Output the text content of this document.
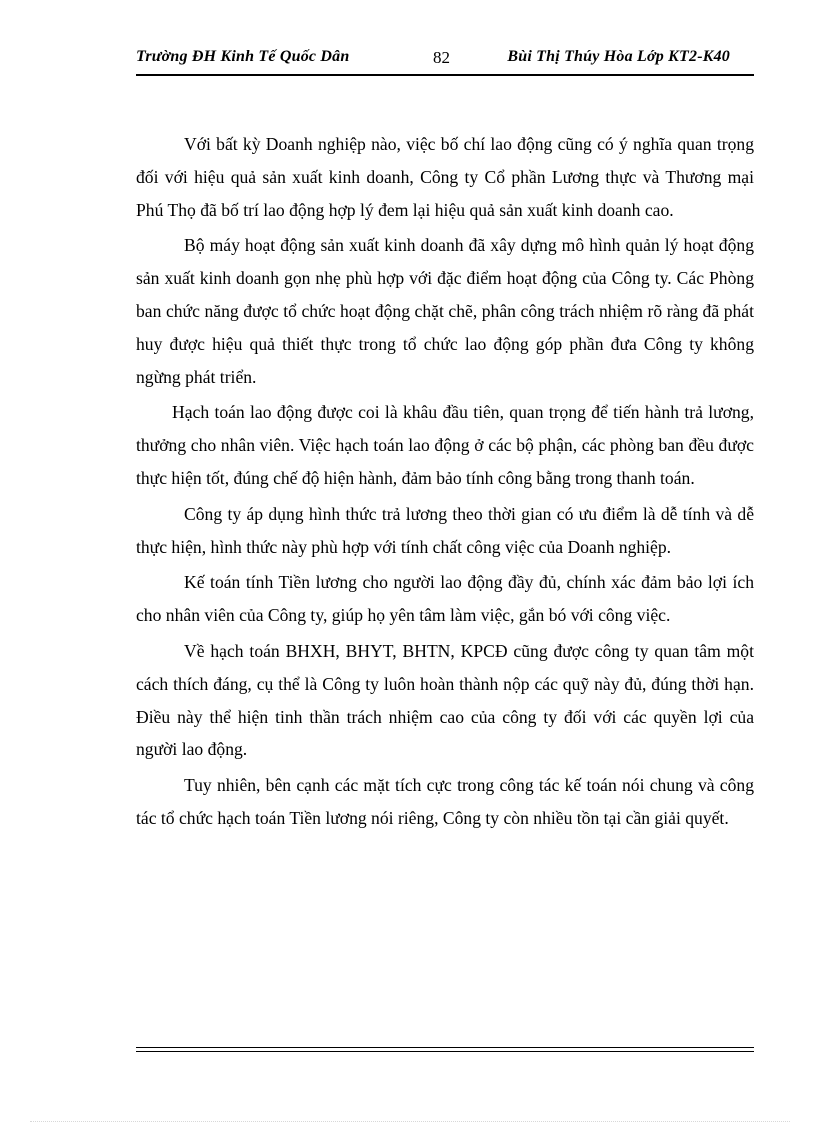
Trường ĐH Kinh Tế Quốc Dân	82	Bùi Thị Thúy Hòa Lớp KT2-K40

Với bất kỳ Doanh nghiệp nào, việc bố chí lao động cũng có ý nghĩa quan trọng đối với hiệu quả sản xuất kinh doanh, Công ty Cổ phần Lương thực và Thương mại Phú Thọ đã bố trí lao động hợp lý đem lại hiệu quả sản xuất kinh doanh cao.

Bộ máy hoạt động sản xuất kinh doanh đã xây dựng mô hình quản lý hoạt động sản xuất kinh doanh gọn nhẹ phù hợp với đặc điểm hoạt động của Công ty. Các Phòng ban chức năng được tổ chức hoạt động chặt chẽ, phân công trách nhiệm rõ ràng đã phát huy được hiệu quả thiết thực trong tổ chức lao động góp phần đưa Công ty không ngừng phát triển.

Hạch toán lao động được coi là khâu đầu tiên, quan trọng để tiến hành trả lương, thưởng cho nhân viên. Việc hạch toán lao động ở các bộ phận, các phòng ban đều được thực hiện tốt, đúng chế độ hiện hành, đảm bảo tính công bằng trong thanh toán.

Công ty áp dụng hình thức trả lương theo thời gian có ưu điểm là dễ tính và dễ thực hiện, hình thức này phù hợp với tính chất công việc của Doanh nghiệp.

Kế toán tính Tiền lương cho người lao động đầy đủ, chính xác đảm bảo lợi ích cho nhân viên của Công ty, giúp họ yên tâm làm việc, gắn bó với công việc.

Về hạch toán BHXH, BHYT, BHTN, KPCĐ cũng được công ty quan tâm một cách thích đáng, cụ thể là Công ty luôn hoàn thành nộp các quỹ này đủ, đúng thời hạn. Điều này thể hiện tinh thần trách nhiệm cao của công ty đối với các quyền lợi của người lao động.

Tuy nhiên, bên cạnh các mặt tích cực trong công tác kế toán nói chung và công tác tổ chức hạch toán Tiền lương nói riêng, Công ty còn nhiều tồn tại cần giải quyết.
